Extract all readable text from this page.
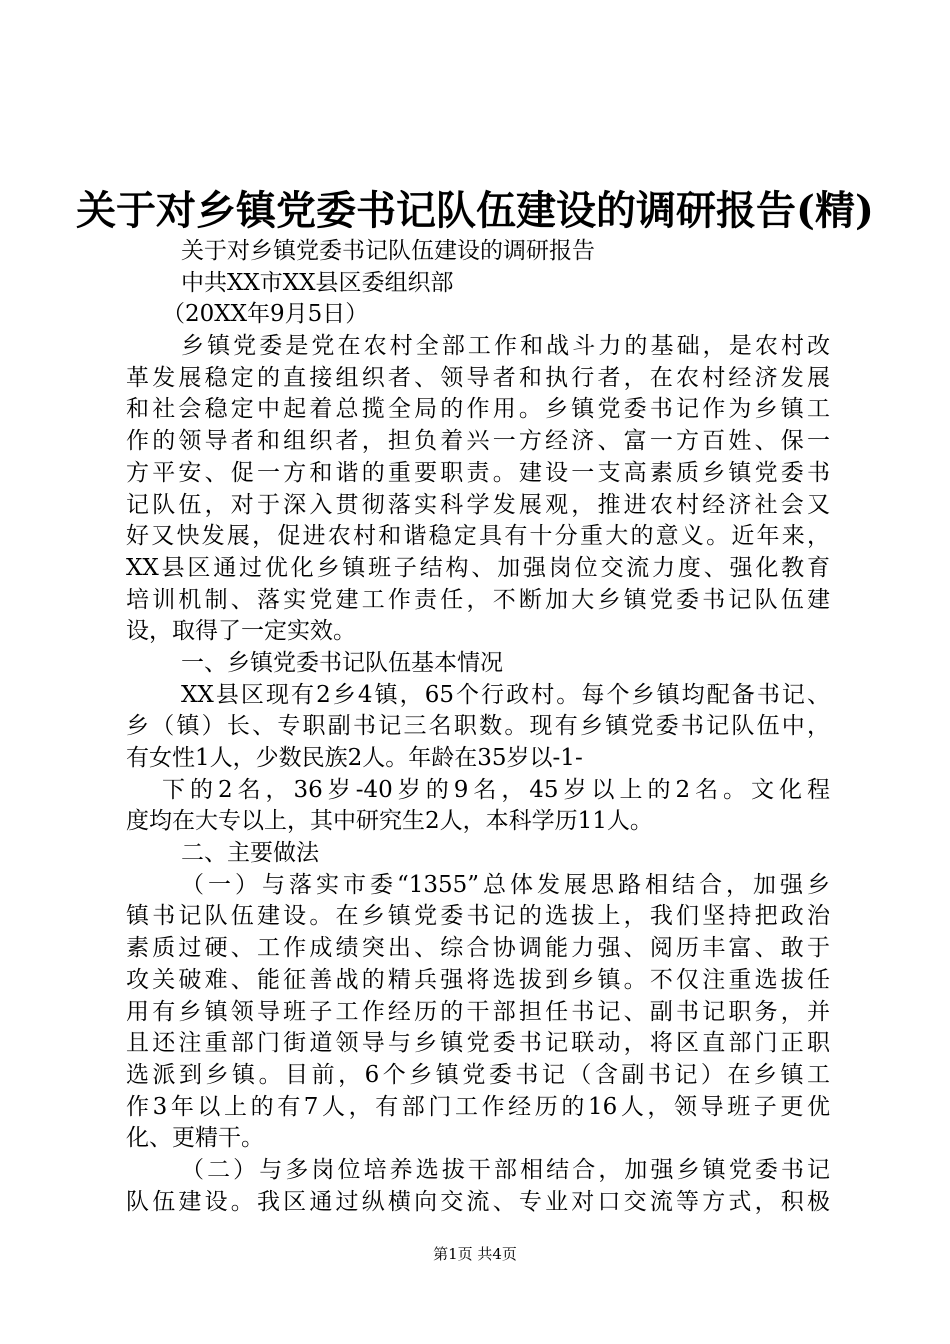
关于对乡镇党委书记队伍建设的调研报告(精)
关于对乡镇党委书记队伍建设的调研报告
中共XX市XX县区委组织部
（20XX年9月5日）
乡镇党委是党在农村全部工作和战斗力的基础，是农村改
革发展稳定的直接组织者、领导者和执行者，在农村经济发展
和社会稳定中起着总揽全局的作用。乡镇党委书记作为乡镇工
作的领导者和组织者，担负着兴一方经济、富一方百姓、保一
方平安、促一方和谐的重要职责。建设一支高素质乡镇党委书
记队伍，对于深入贯彻落实科学发展观，推进农村经济社会又
好又快发展，促进农村和谐稳定具有十分重大的意义。近年来，
XX县区通过优化乡镇班子结构、加强岗位交流力度、强化教育
培训机制、落实党建工作责任，不断加大乡镇党委书记队伍建
设，取得了一定实效。
一、乡镇党委书记队伍基本情况
XX县区现有2乡4镇，65个行政村。每个乡镇均配备书记、
乡（镇）长、专职副书记三名职数。现有乡镇党委书记队伍中，
有女性1人，少数民族2人。年龄在35岁以-1-
下的2名，36岁-40岁的9名，45岁以上的2名。文化程
度均在大专以上，其中研究生2人，本科学历11人。
二、主要做法
（一）与落实市委“1355”总体发展思路相结合，加强乡
镇书记队伍建设。在乡镇党委书记的选拔上，我们坚持把政治
素质过硬、工作成绩突出、综合协调能力强、阅历丰富、敢于
攻关破难、能征善战的精兵强将选拔到乡镇。不仅注重选拔任
用有乡镇领导班子工作经历的干部担任书记、副书记职务，并
且还注重部门街道领导与乡镇党委书记联动，将区直部门正职
选派到乡镇。目前，6个乡镇党委书记（含副书记）在乡镇工
作3年以上的有7人，有部门工作经历的16人，领导班子更优
化、更精干。
（二）与多岗位培养选拔干部相结合，加强乡镇党委书记
队伍建设。我区通过纵横向交流、专业对口交流等方式，积极
第1页 共4页
